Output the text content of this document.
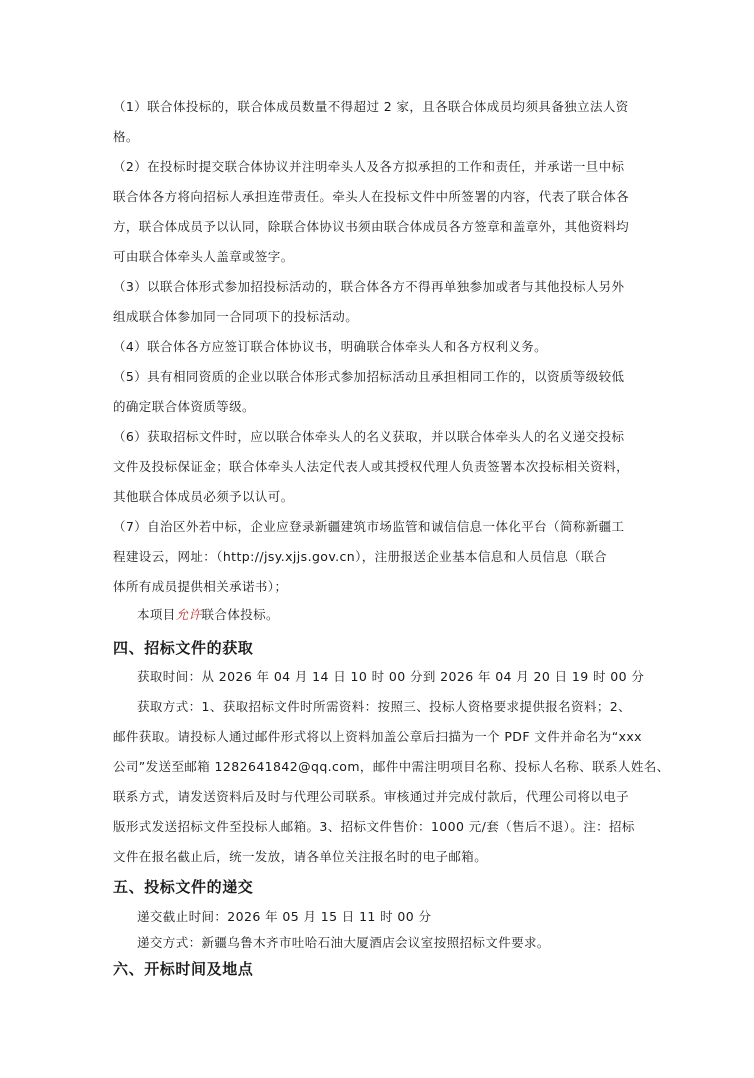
（1）联合体投标的，联合体成员数量不得超过 2 家，且各联合体成员均须具备独立法人资
格。
（2）在投标时提交联合体协议并注明牵头人及各方拟承担的工作和责任，并承诺一旦中标
联合体各方将向招标人承担连带责任。牵头人在投标文件中所签署的内容，代表了联合体各
方，联合体成员予以认同，除联合体协议书须由联合体成员各方签章和盖章外，其他资料均
可由联合体牵头人盖章或签字。
（3）以联合体形式参加招投标活动的，联合体各方不得再单独参加或者与其他投标人另外
组成联合体参加同一合同项下的投标活动。
（4）联合体各方应签订联合体协议书，明确联合体牵头人和各方权利义务。
（5）具有相同资质的企业以联合体形式参加招标活动且承担相同工作的，以资质等级较低
的确定联合体资质等级。
（6）获取招标文件时，应以联合体牵头人的名义获取，并以联合体牵头人的名义递交投标
文件及投标保证金；联合体牵头人法定代表人或其授权代理人负责签署本次投标相关资料，
其他联合体成员必须予以认可。
（7）自治区外若中标，企业应登录新疆建筑市场监管和诚信信息一体化平台（简称新疆工
程建设云，网址：（http://jsy.xjjs.gov.cn），注册报送企业基本信息和人员信息（联合
体所有成员提供相关承诺书）；
本项目允许联合体投标。
四、招标文件的获取
获取时间：从 2026 年 04 月 14 日 10 时 00 分到 2026 年 04 月 20 日 19 时 00 分
获取方式：1、获取招标文件时所需资料：按照三、投标人资格要求提供报名资料；2、
邮件获取。请投标人通过邮件形式将以上资料加盖公章后扫描为一个 PDF 文件并命名为“xxx
公司”发送至邮箱 1282641842@qq.com，邮件中需注明项目名称、投标人名称、联系人姓名、
联系方式，请发送资料后及时与代理公司联系。审核通过并完成付款后，代理公司将以电子
版形式发送招标文件至投标人邮箱。3、招标文件售价：1000 元/套（售后不退）。注：招标
文件在报名截止后，统一发放，请各单位关注报名时的电子邮箱。
五、投标文件的递交
递交截止时间：2026 年 05 月 15 日 11 时 00 分
递交方式：新疆乌鲁木齐市吐哈石油大厦酒店会议室按照招标文件要求。
六、开标时间及地点
